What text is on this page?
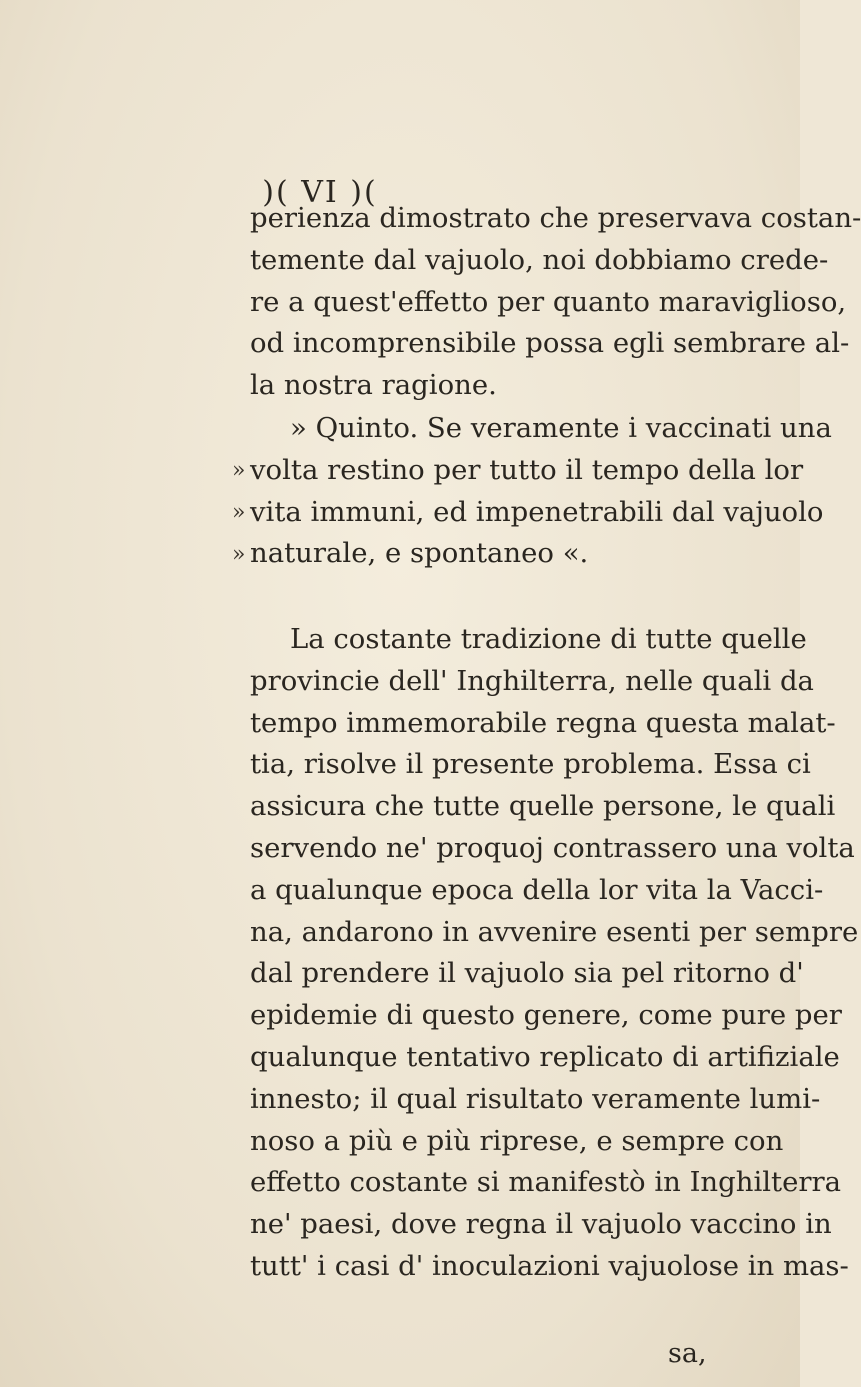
)( VI )(
perienza dimostrato che preservava costan-
temente dal vajuolo, noi dobbiamo crede-
re a quest'effetto per quanto maraviglioso,
od incomprensibile possa egli sembrare al-
la nostra ragione.
»
»
»
» Quinto. Se veramente i vaccinati una
volta restino per tutto il tempo della lor
vita immuni, ed impenetrabili dal vajuolo
naturale, e spontaneo «.
La costante tradizione di tutte quelle
provincie dell' Inghilterra, nelle quali da
tempo immemorabile regna questa malat-
tia, risolve il presente problema. Essa ci
assicura che tutte quelle persone, le quali
servendo ne' proquoj contrassero una volta
a qualunque epoca della lor vita la Vacci-
na, andarono in avvenire esenti per sempre
dal prendere il vajuolo sia pel ritorno d'
epidemie di questo genere, come pure per
qualunque tentativo replicato di artifiziale
innesto; il qual risultato veramente lumi-
noso a più e più riprese, e sempre con
effetto costante si manifestò in Inghilterra
ne' paesi, dove regna il vajuolo vaccino in
tutt' i casi d' inoculazioni vajuolose in mas-
sa,
